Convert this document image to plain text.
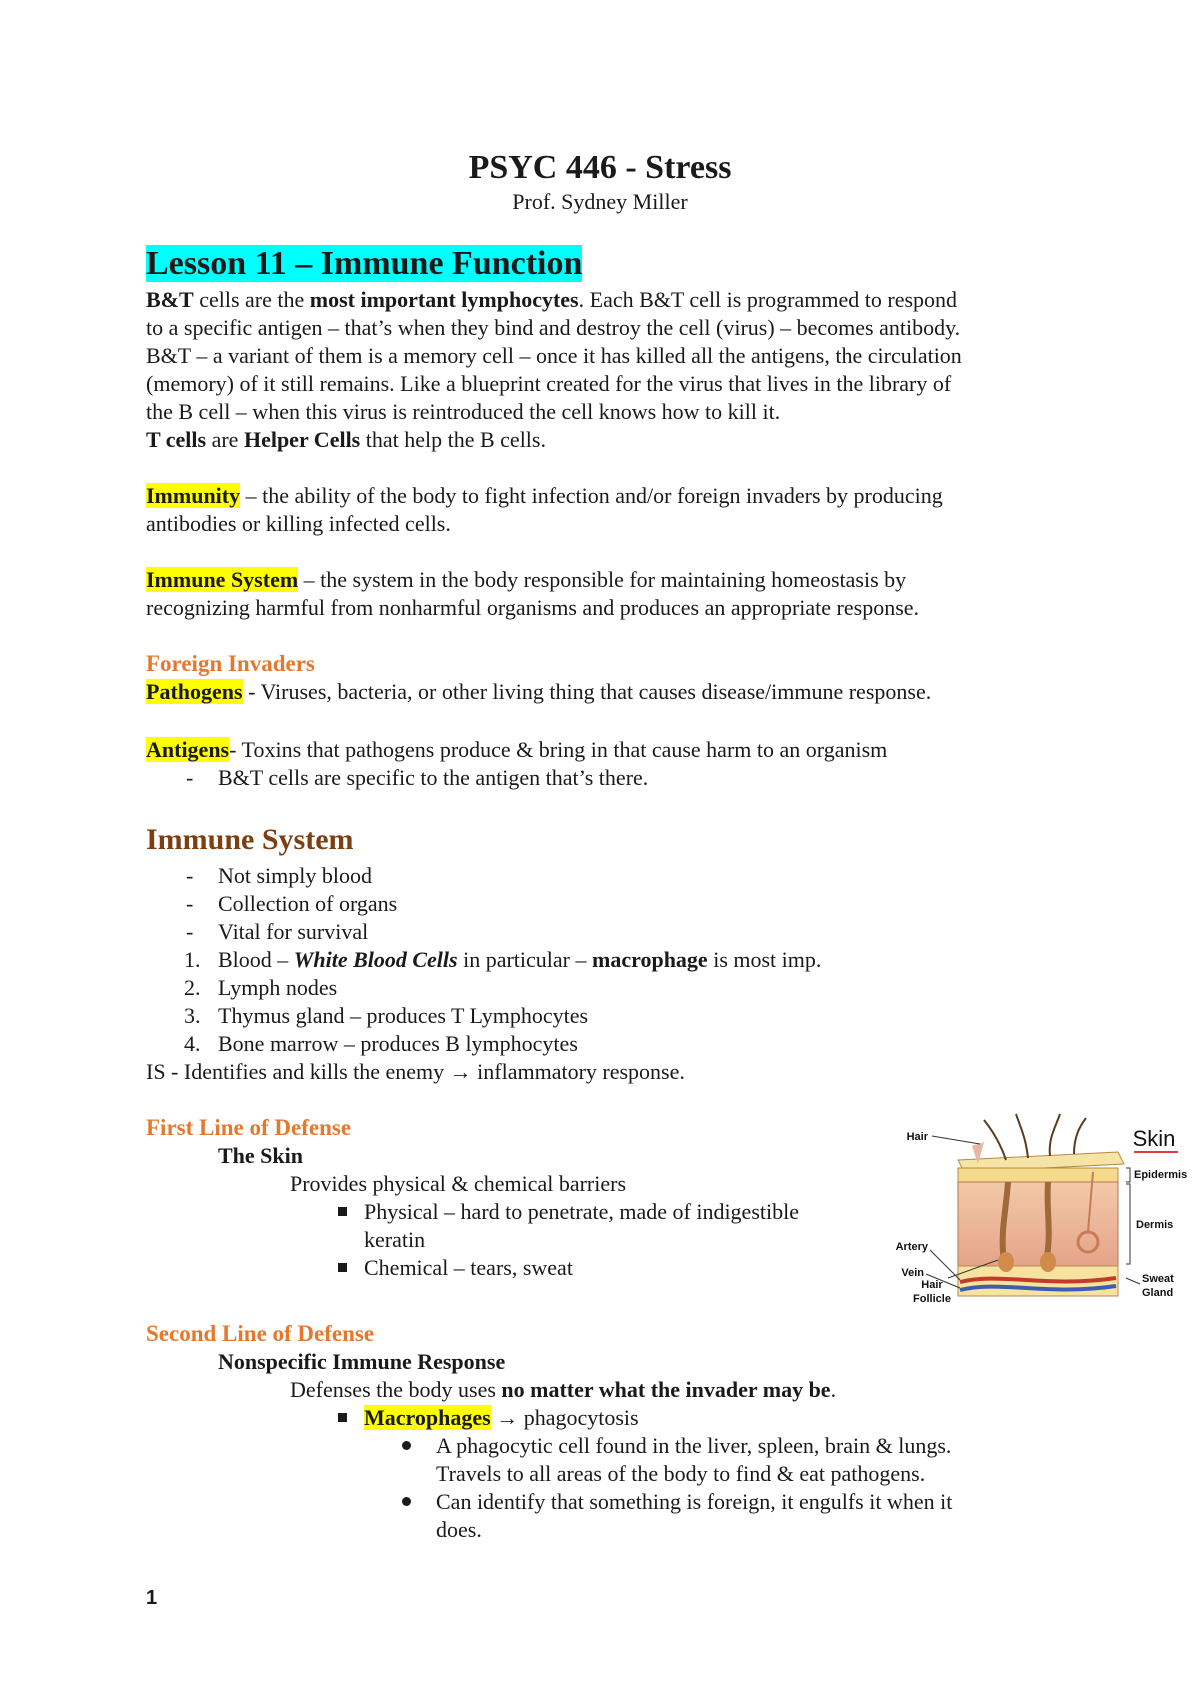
PSYC 446 - Stress
Prof. Sydney Miller
Lesson 11 – Immune Function
B&T cells are the most important lymphocytes. Each B&T cell is programmed to respond
to a specific antigen – that’s when they bind and destroy the cell (virus) – becomes antibody.
B&T – a variant of them is a memory cell – once it has killed all the antigens, the circulation
(memory) of it still remains. Like a blueprint created for the virus that lives in the library of
the B cell – when this virus is reintroduced the cell knows how to kill it.
T cells are Helper Cells that help the B cells.
Immunity – the ability of the body to fight infection and/or foreign invaders by producing
antibodies or killing infected cells.
Immune System – the system in the body responsible for maintaining homeostasis by
recognizing harmful from nonharmful organisms and produces an appropriate response.
Foreign Invaders
Pathogens - Viruses, bacteria, or other living thing that causes disease/immune response.
Antigens- Toxins that pathogens produce & bring in that cause harm to an organism
- B&T cells are specific to the antigen that’s there.
Immune System
- Not simply blood
- Collection of organs
- Vital for survival
1. Blood – White Blood Cells in particular – macrophage is most imp.
2. Lymph nodes
3. Thymus gland – produces T Lymphocytes
4. Bone marrow – produces B lymphocytes
IS - Identifies and kills the enemy → inflammatory response.
First Line of Defense
The Skin
Provides physical & chemical barriers
Physical – hard to penetrate, made of indigestible
keratin
Chemical – tears, sweat
Skin
Hair
Epidermis
Dermis
Artery
Vein
Hair
Follicle
Sweat
Gland
Second Line of Defense
Nonspecific Immune Response
Defenses the body uses no matter what the invader may be.
Macrophages → phagocytosis
A phagocytic cell found in the liver, spleen, brain & lungs.
Travels to all areas of the body to find & eat pathogens.
Can identify that something is foreign, it engulfs it when it
does.
1
